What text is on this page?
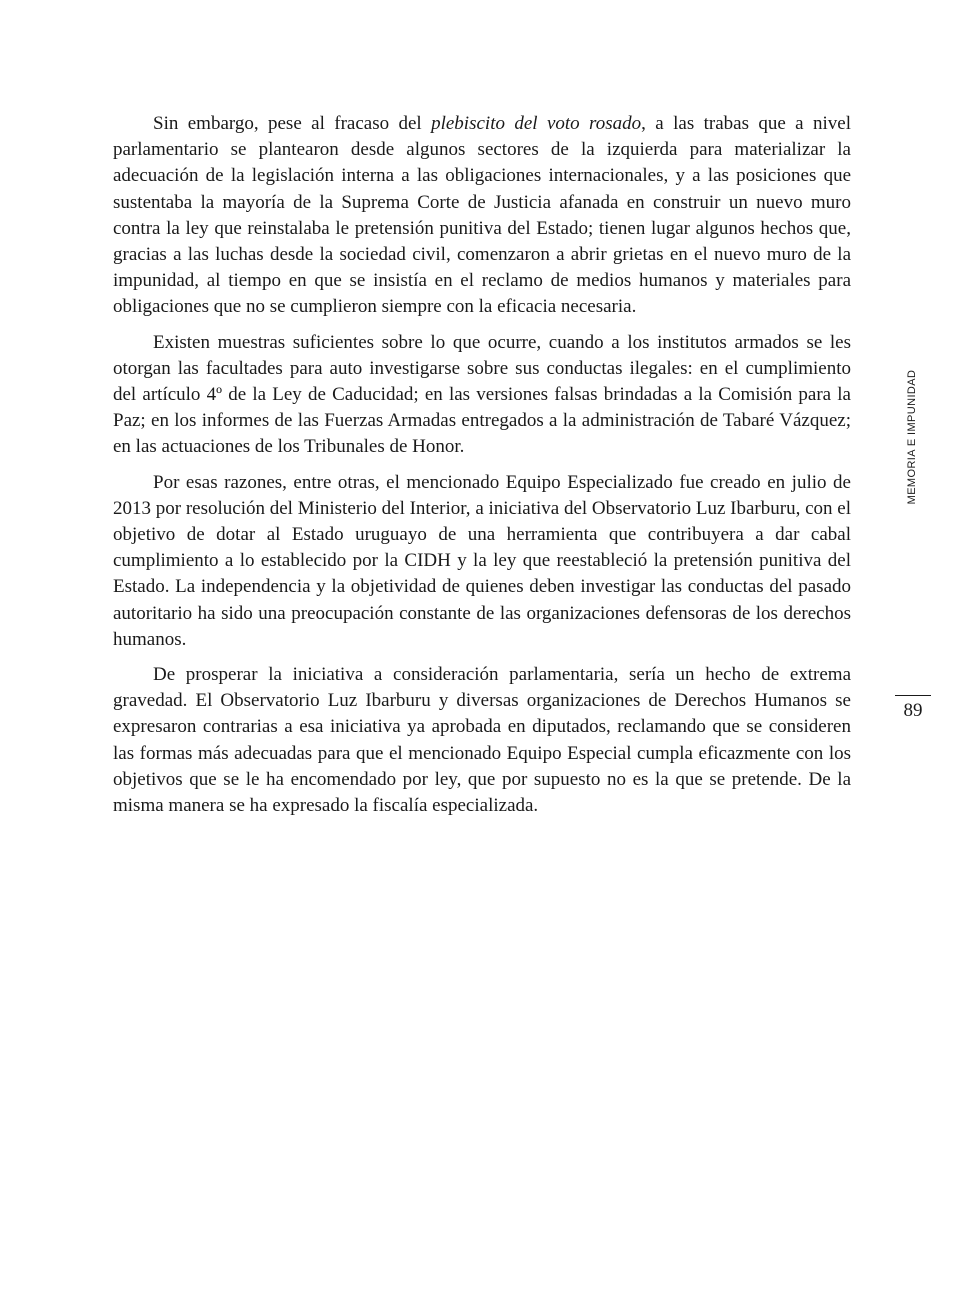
Sin embargo, pese al fracaso del plebiscito del voto rosado, a las trabas que a nivel parlamentario se plantearon desde algunos sectores de la izquierda para materializar la adecuación de la legislación interna a las obligaciones internacionales, y a las posiciones que sustentaba la mayoría de la Suprema Corte de Justicia afanada en construir un nuevo muro contra la ley que reinstalaba le pretensión punitiva del Estado; tienen lugar algunos hechos que, gracias a las luchas desde la sociedad civil, comenzaron a abrir grietas en el nuevo muro de la impunidad, al tiempo en que se insistía en el reclamo de medios humanos y materiales para obligaciones que no se cumplieron siempre con la eficacia necesaria.

Existen muestras suficientes sobre lo que ocurre, cuando a los institutos armados se les otorgan las facultades para auto investigarse sobre sus conductas ilegales: en el cumplimiento del artículo 4º de la Ley de Caducidad; en las versiones falsas brindadas a la Comisión para la Paz; en los informes de las Fuerzas Armadas entregados a la administración de Tabaré Vázquez; en las actuaciones de los Tribunales de Honor.

Por esas razones, entre otras, el mencionado Equipo Especializado fue creado en julio de 2013 por resolución del Ministerio del Interior, a iniciativa del Observatorio Luz Ibarburu, con el objetivo de dotar al Estado uruguayo de una herramienta que contribuyera a dar cabal cumplimiento a lo establecido por la CIDH y la ley que reestableció la pretensión punitiva del Estado. La independencia y la objetividad de quienes deben investigar las conductas del pasado autoritario ha sido una preocupación constante de las organizaciones defensoras de los derechos humanos.

De prosperar la iniciativa a consideración parlamentaria, sería un hecho de extrema gravedad. El Observatorio Luz Ibarburu y diversas organizaciones de Derechos Humanos se expresaron contrarias a esa iniciativa ya aprobada en diputados, reclamando que se consideren las formas más adecuadas para que el mencionado Equipo Especial cumpla eficazmente con los objetivos que se le ha encomendado por ley, que por supuesto no es la que se pretende. De la misma manera se ha expresado la fiscalía especializada.

MEMORIA E IMPUNIDAD
89
